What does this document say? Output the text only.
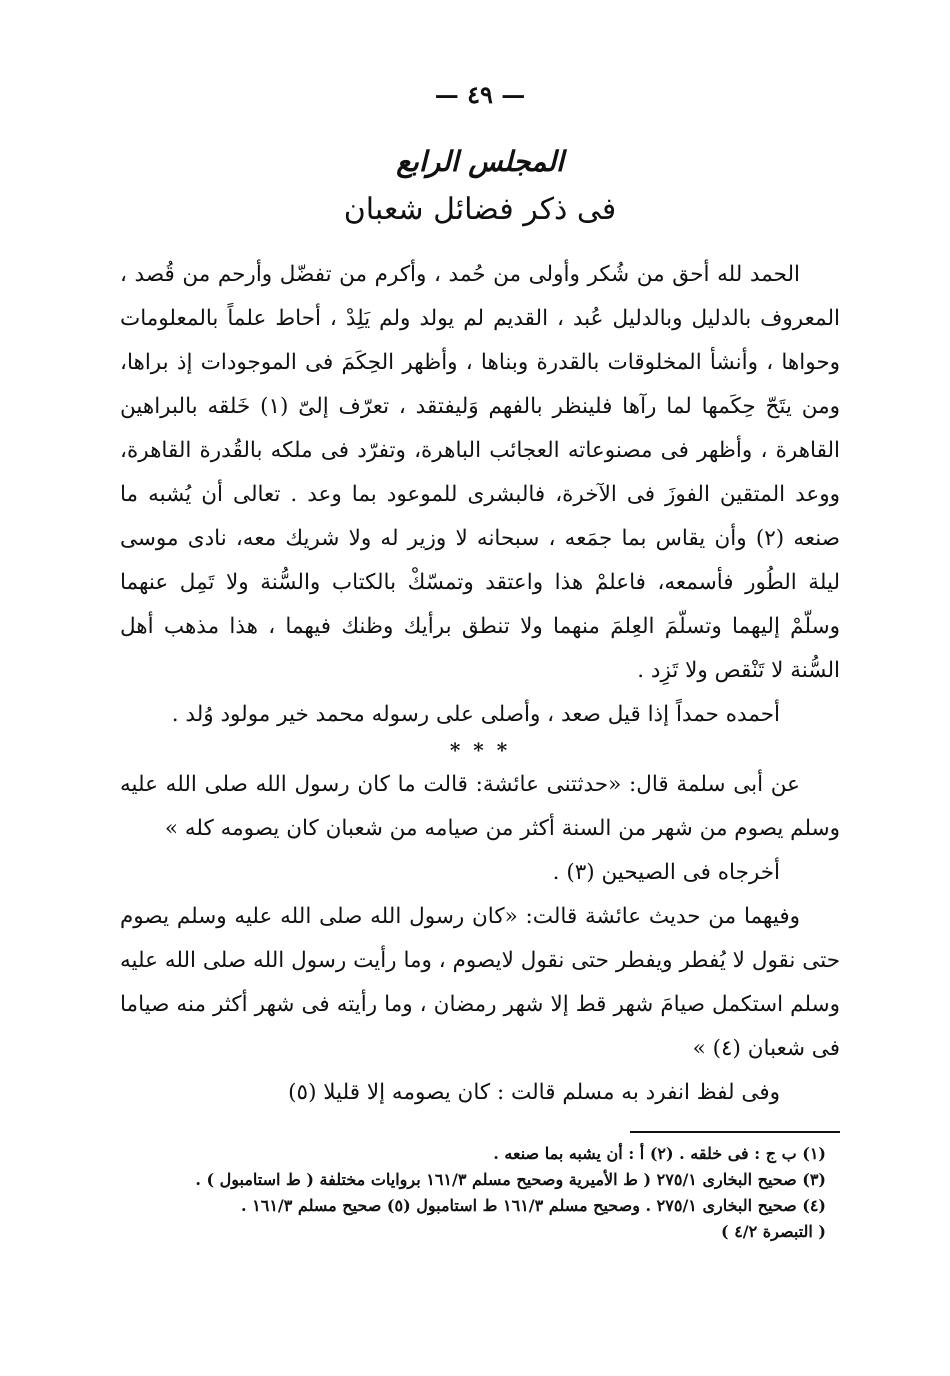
— ٤٩ —
المجلس الرابع
فى ذكر فضائل شعبان

الحمد لله أحق من شُكر وأولى من حُمد ، وأكرم من تفضّل وأرحم من قُصد ، المعروف بالدليل وبالدليل عُبد ، القديم لم يولد ولم يَلِدْ ، أحاط علماً بالمعلومات وحواها ، وأنشأ المخلوقات بالقدرة وبناها ، وأظهر الحِكَمَ فى الموجودات إذ براها، ومن يتَحّ حِكَمها لما رآها فلينظر بالفهم وَليفتقد ، تعرّف إلىّ (١) خَلقه بالبراهين القاهرة ، وأظهر فى مصنوعاته العجائب الباهرة، وتفرّد فى ملكه بالقُدرة القاهرة، ووعد المتقين الفوزَ فى الآخرة، فالبشرى للموعود بما وعد . تعالى أن يُشبه ما صنعه (٢) وأن يقاس بما جمَعه ، سبحانه لا وزير له ولا شريك معه، نادى موسى ليلة الطُور فأسمعه، فاعلمْ هذا واعتقد وتمسّكْ بالكتاب والسُّنة ولا تَمِل عنهما وسلّمْ إليهما وتسلّمَ العِلمَ منهما ولا تنطق برأيك وظنك فيهما ، هذا مذهب أهل السُّنة لا تَنْقص ولا تَزِد .

أحمده حمداً إذا قيل صعد ، وأصلى على رسوله محمد خير مولود وُلد .

* * *

عن أبى سلمة قال: «حدثتنى عائشة: قالت ما كان رسول الله صلى الله عليه وسلم يصوم من شهر من السنة أكثر من صيامه من شعبان كان يصومه كله »

أخرجاه فى الصيحين (٣) .

وفيهما من حديث عائشة قالت: «كان رسول الله صلى الله عليه وسلم يصوم حتى نقول لا يُفطر ويفطر حتى نقول لايصوم ، وما رأيت رسول الله صلى الله عليه وسلم استكمل صيامَ شهر قط إلا شهر رمضان ، وما رأيته فى شهر أكثر منه صياما فى شعبان (٤) »

وفى لفظ انفرد به مسلم قالت : كان يصومه إلا قليلا (٥)

(١) ب ج : فى خلقه . (٢) أ : أن يشبه بما صنعه .
(٣) صحيح البخارى ٢٧٥/١ ( ط الأميرية وصحيح مسلم ١٦١/٣ بروايات مختلفة ( ط استامبول ) .
(٤) صحيح البخارى ٢٧٥/١ . وصحيح مسلم ١٦١/٣ ط استامبول (٥) صحيح مسلم ١٦١/٣ .
( التبصرة ٤/٢ )
